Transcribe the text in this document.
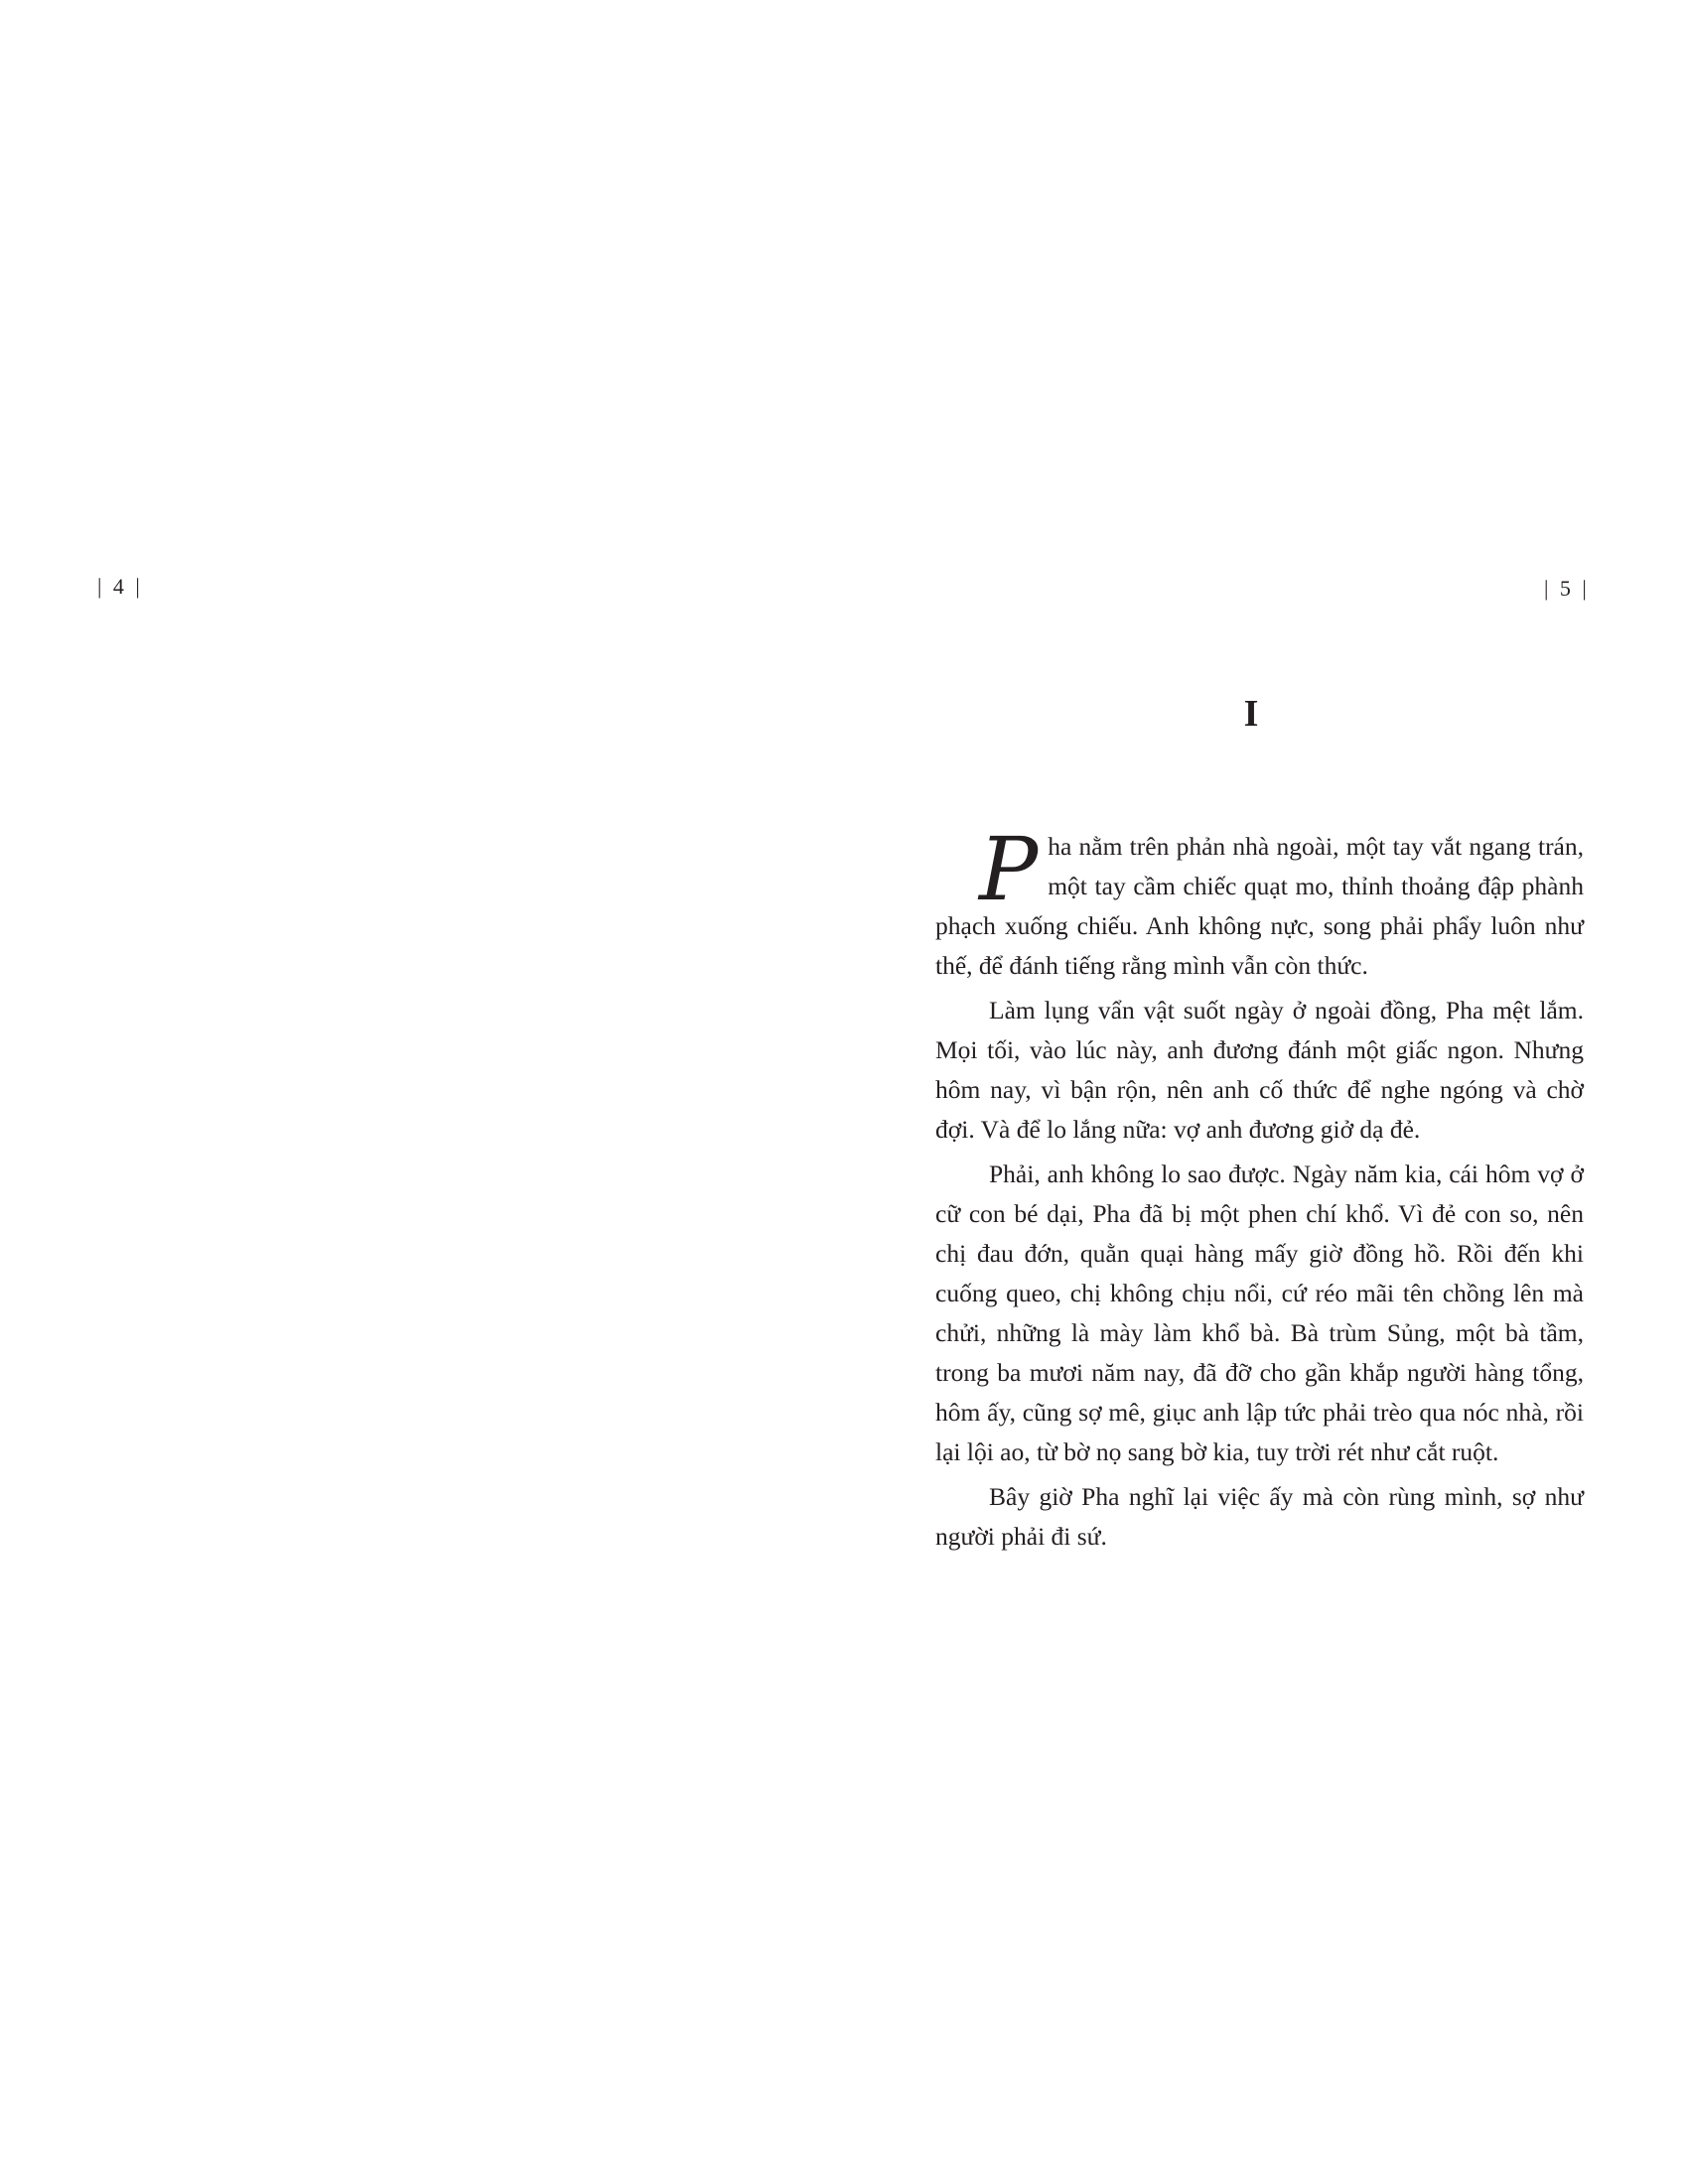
| 4 |	| 5 |
I

Pha nằm trên phản nhà ngoài, một tay vắt ngang trán, một tay cầm chiếc quạt mo, thỉnh thoảng đập phành phạch xuống chiếu. Anh không nực, song phải phẩy luôn như thế, để đánh tiếng rằng mình vẫn còn thức.

Làm lụng vẩn vật suốt ngày ở ngoài đồng, Pha mệt lắm. Mọi tối, vào lúc này, anh đương đánh một giấc ngon. Nhưng hôm nay, vì bận rộn, nên anh cố thức để nghe ngóng và chờ đợi. Và để lo lắng nữa: vợ anh đương giở dạ đẻ.

Phải, anh không lo sao được. Ngày năm kia, cái hôm vợ ở cữ con bé dại, Pha đã bị một phen chí khổ. Vì đẻ con so, nên chị đau đớn, quằn quại hàng mấy giờ đồng hồ. Rồi đến khi cuống queo, chị không chịu nổi, cứ réo mãi tên chồng lên mà chửi, những là mày làm khổ bà. Bà trùm Sủng, một bà tầm, trong ba mươi năm nay, đã đỡ cho gần khắp người hàng tổng, hôm ấy, cũng sợ mê, giục anh lập tức phải trèo qua nóc nhà, rồi lại lội ao, từ bờ nọ sang bờ kia, tuy trời rét như cắt ruột.

Bây giờ Pha nghĩ lại việc ấy mà còn rùng mình, sợ như người phải đi sứ.
